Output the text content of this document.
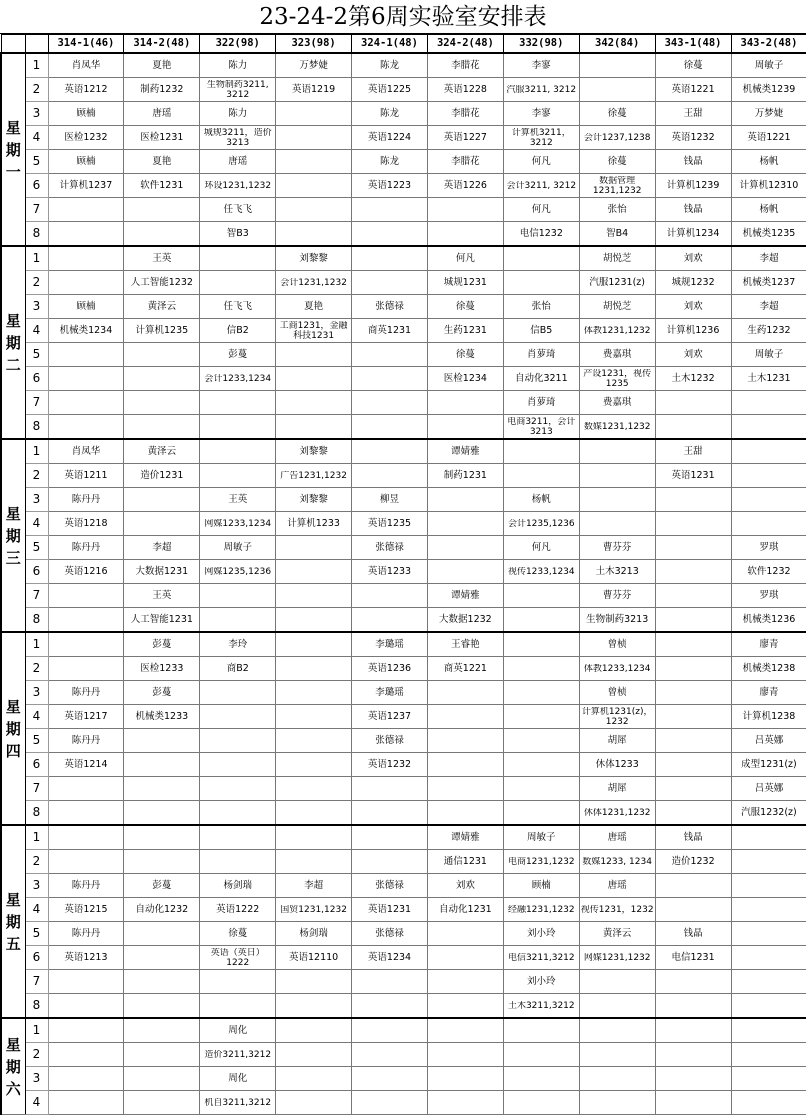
23-24-2第6周实验室安排表
		314-1(46)	314-2(48)	322(98)	323(98)	324-1(48)	324-2(48)	332(98)	342(84)	343-1(48)	343-2(48)

星
期
一	1	肖凤华	夏艳	陈力	万梦婕	陈龙	李腊花	李寥		徐蔓	周敏子
	2	英语1212	制药1232	生物制药3211, 3212	英语1219	英语1225	英语1228	汽服3211, 3212		英语1221	机械类1239
	3	顾楠	唐瑶	陈力		陈龙	李腊花	李寥	徐蔓	王甜	万梦婕
	4	医检1232	医检1231	城规3211，造价3213		英语1224	英语1227	计算机3211，3212	会计1237,1238	英语1232	英语1221
	5	顾楠	夏艳	唐瑶		陈龙	李腊花	何凡	徐蔓	钱晶	杨帆
	6	计算机1237	软件1231	环设1231,1232		英语1223	英语1226	会计3211, 3212	数据管理1231,1232	计算机1239	计算机12310
	7			任飞飞				何凡	张怡	钱晶	杨帆
	8			智B3				电信1232	智B4	计算机1234	机械类1235

星
期
二	1		王英		刘黎黎		何凡		胡悦芝	刘欢	李超
	2		人工智能1232		会计1231,1232		城规1231		汽服1231(z)	城规1232	机械类1237
	3	顾楠	黄泽云	任飞飞	夏艳	张德禄	徐蔓	张怡	胡悦芝	刘欢	李超
	4	机械类1234	计算机1235	信B2	工商1231，金融科技1231	商英1231	生药1231	信B5	体教1231,1232	计算机1236	生药1232
	5			彭蔓			徐蔓	肖萝琦	费嘉琪	刘欢	周敏子
	6			会计1233,1234			医检1234	自动化3211	产设1231，视传1235	土木1232	土木1231
	7							肖萝琦	费嘉琪		
	8							电商3211，会计3213	数媒1231,1232		

星
期
三	1	肖凤华	黄泽云		刘黎黎		谭婧雅			王甜	
	2	英语1211	造价1231		广告1231,1232		制药1231			英语1231	
	3	陈丹丹		王英	刘黎黎	柳昱		杨帆			
	4	英语1218		网媒1233,1234	计算机1233	英语1235		会计1235,1236			

	5	陈丹丹	李超	周敏子		张德禄		何凡	曹芬芬		罗琪
	6	英语1216	大数据1231	网媒1235,1236		英语1233		视传1233,1234	土木3213		软件1232
	7		王英				谭婧雅		曹芬芬		罗琪
	8		人工智能1231				大数据1232		生物制药3213		机械类1236

星
期
四	1		彭蔓	李玲		李璐瑶	王睿艳		曾桢		廖青
	2		医检1233	商B2		英语1236	商英1221		体教1233,1234		机械类1238
	3	陈丹丹	彭蔓			李璐瑶			曾桢		廖青
	4	英语1217	机械类1233			英语1237			计算机1231(z)，1232		计算机1238
	5	陈丹丹				张德禄			胡犀		吕英娜
	6	英语1214				英语1232			休体1233		成型1231(z)
	7								胡犀		吕英娜
	8								休体1231,1232		汽服1232(z)

星
期
五	1						谭婧雅	周敏子	唐瑶	钱晶	
	2						通信1231	电商1231,1232	数媒1233, 1234	造价1232	
	3	陈丹丹	彭蔓	杨剑瑞	李超	张德禄	刘欢	顾楠	唐瑶		
	4	英语1215	自动化1232	英语1222	国贸1231,1232	英语1231	自动化1231	经融1231,1232	视传1231，1232		

	5	陈丹丹		徐蔓	杨剑瑞	张德禄		刘小玲	黄泽云	钱晶	
	6	英语1213		英语（英日）1222	英语12110	英语1234		电信3211,3212	网媒1231,1232	电信1231	
	7							刘小玲			
	8							土木3211,3212			

星
期
六	1			周化							
	2			造价3211,3212							

	3			周化							
	4			机自3211,3212							
